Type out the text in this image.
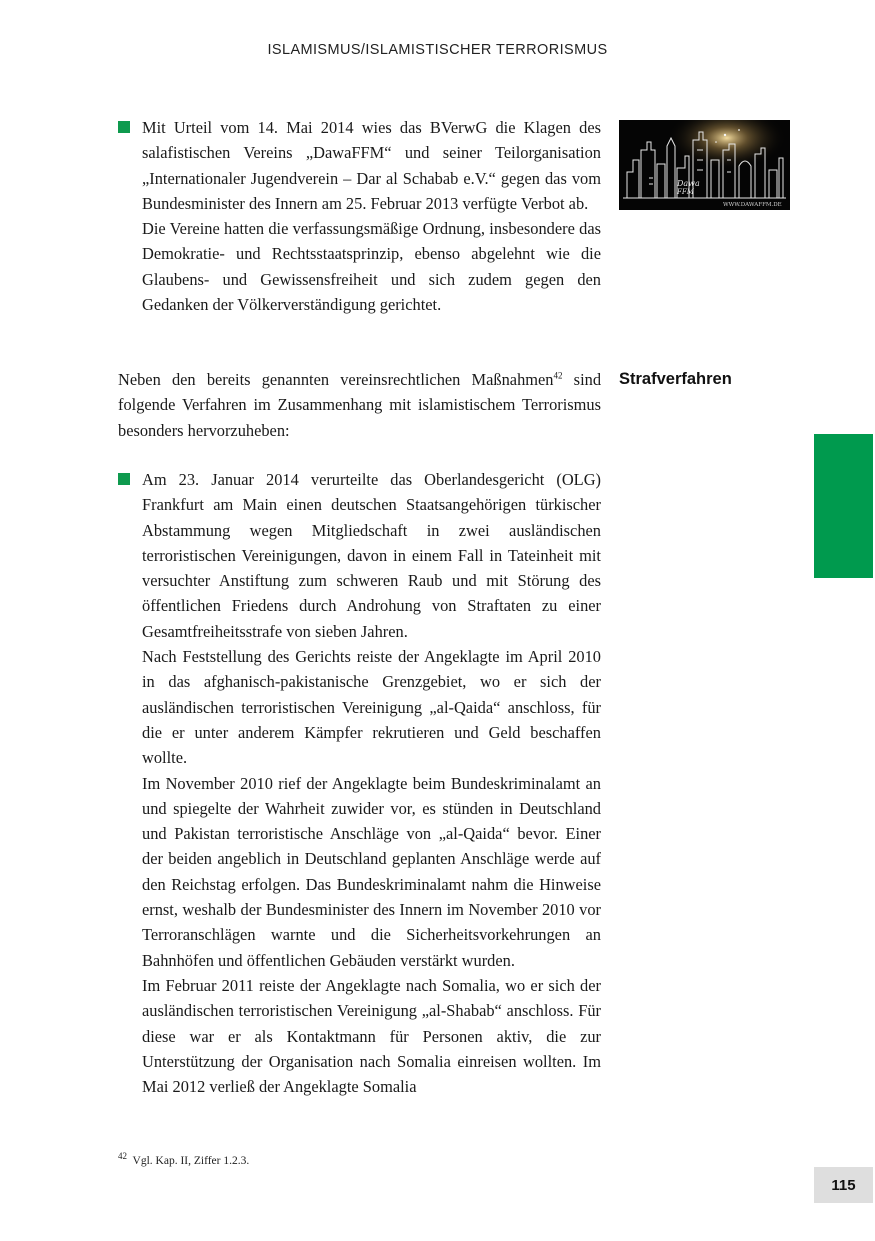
ISLAMISMUS/ISLAMISTISCHER TERRORISMUS

Mit Urteil vom 14. Mai 2014 wies das BVerwG die Klagen des salafistischen Vereins „DawaFFM“ und seiner Teilorganisation „Internationaler Jugendverein – Dar al Schabab e.V.“ gegen das vom Bundesminister des Innern am 25. Februar 2013 verfügte Verbot ab.

Die Vereine hatten die verfassungsmäßige Ordnung, insbesondere das Demokratie- und Rechtsstaatsprinzip, ebenso abgelehnt wie die Glaubens- und Gewissensfreiheit und sich zudem gegen den Gedanken der Völkerverständigung gerichtet.

Dawa
FFM
WWW.DAWAFFM.DE

Neben den bereits genannten vereinsrechtlichen Maßnahmen$^{42}$ sind folgende Verfahren im Zusammenhang mit islamistischem Terrorismus besonders hervorzuheben:

Strafverfahren

Am 23. Januar 2014 verurteilte das Oberlandesgericht (OLG) Frankfurt am Main einen deutschen Staatsangehörigen türkischer Abstammung wegen Mitgliedschaft in zwei ausländischen terroristischen Vereinigungen, davon in einem Fall in Tateinheit mit versuchter Anstiftung zum schweren Raub und mit Störung des öffentlichen Friedens durch Androhung von Straftaten zu einer Gesamtfreiheitsstrafe von sieben Jahren.

Nach Feststellung des Gerichts reiste der Angeklagte im April 2010 in das afghanisch-pakistanische Grenzgebiet, wo er sich der ausländischen terroristischen Vereinigung „al-Qaida“ anschloss, für die er unter anderem Kämpfer rekrutieren und Geld beschaffen wollte.

Im November 2010 rief der Angeklagte beim Bundeskriminalamt an und spiegelte der Wahrheit zuwider vor, es stünden in Deutschland und Pakistan terroristische Anschläge von „al-Qaida“ bevor. Einer der beiden angeblich in Deutschland geplanten Anschläge werde auf den Reichstag erfolgen. Das Bundeskriminalamt nahm die Hinweise ernst, weshalb der Bundesminister des Innern im November 2010 vor Terroranschlägen warnte und die Sicherheitsvorkehrungen an Bahnhöfen und öffentlichen Gebäuden verstärkt wurden.

Im Februar 2011 reiste der Angeklagte nach Somalia, wo er sich der ausländischen terroristischen Vereinigung „al-Shabab“ anschloss. Für diese war er als Kontaktmann für Personen aktiv, die zur Unterstützung der Organisation nach Somalia einreisen wollten. Im Mai 2012 verließ der Angeklagte Somalia

$^{42}$ Vgl. Kap. II, Ziffer 1.2.3.
115
